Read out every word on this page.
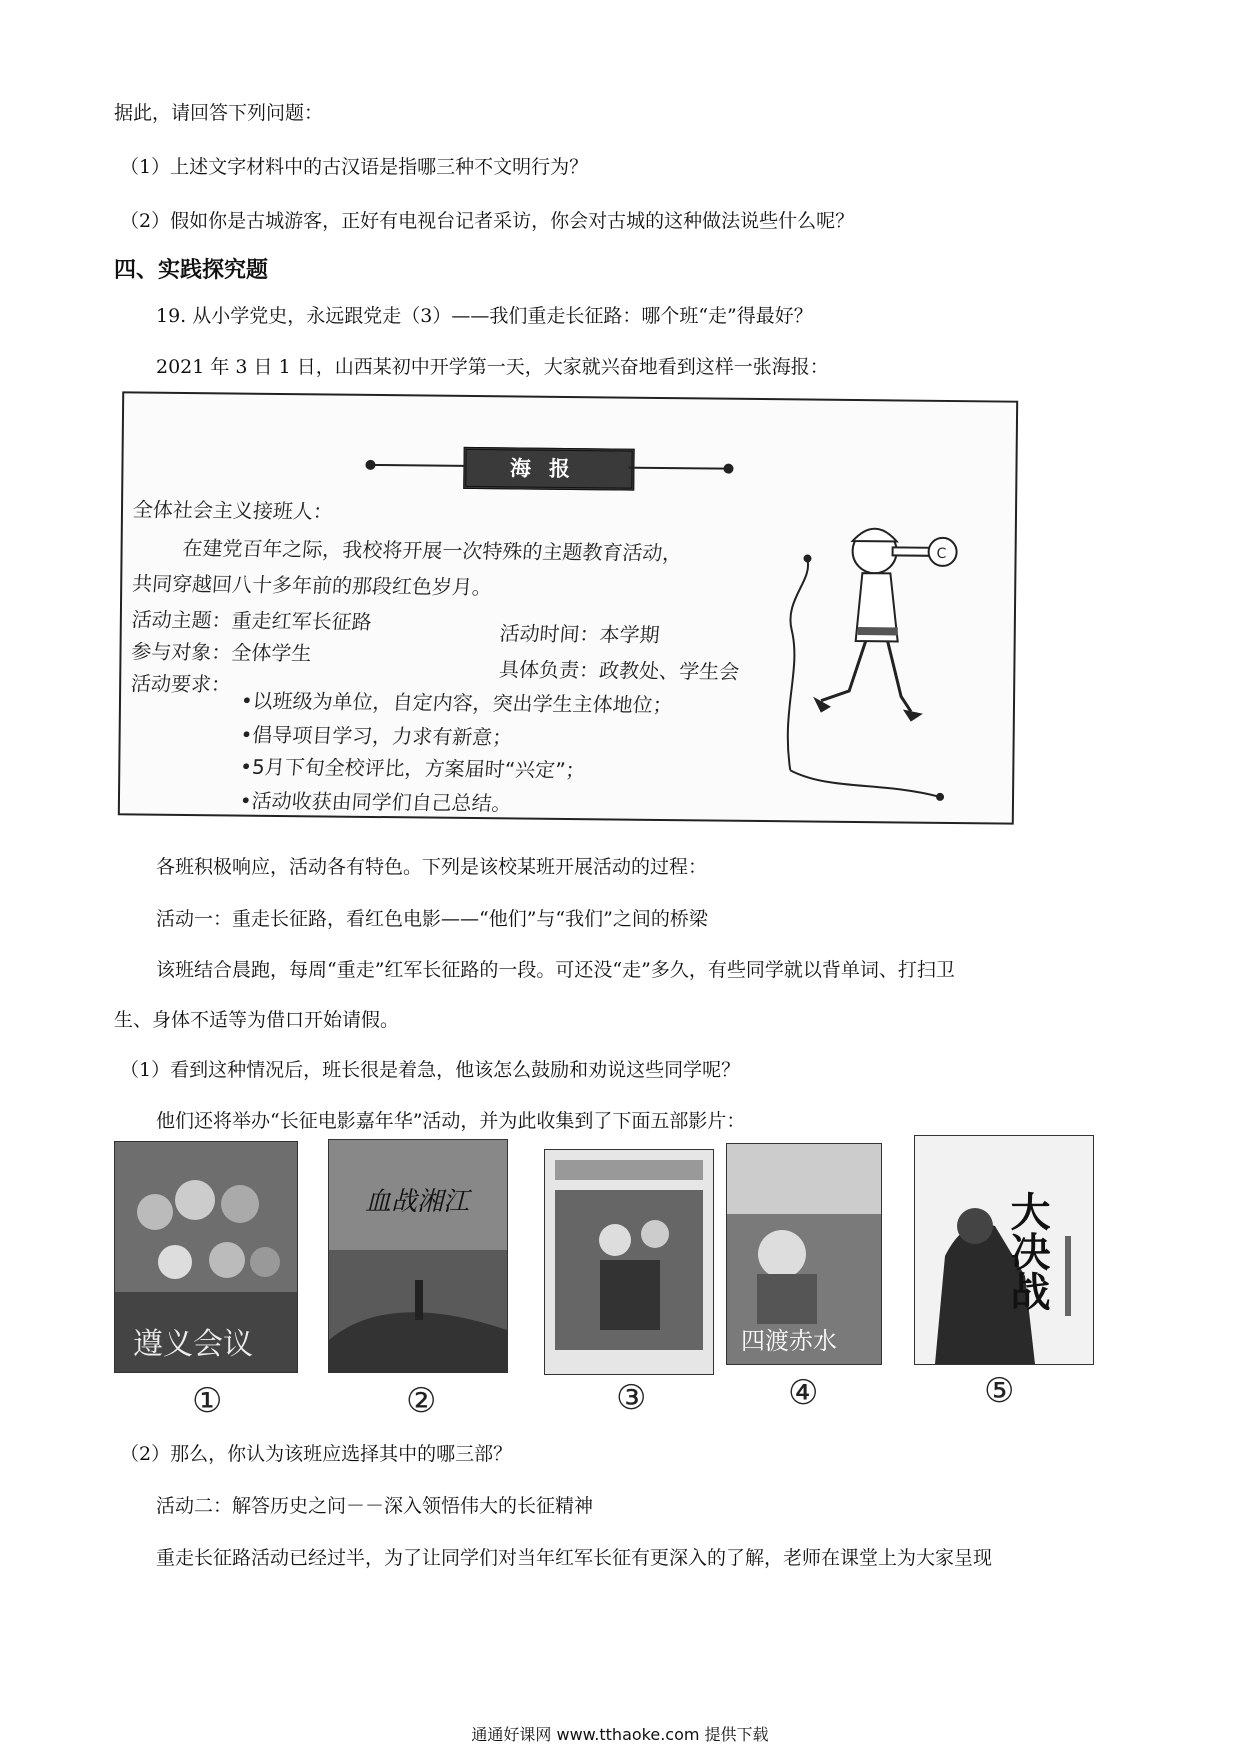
据此，请回答下列问题：
（1）上述文字材料中的古汉语是指哪三种不文明行为？
（2）假如你是古城游客，正好有电视台记者采访，你会对古城的这种做法说些什么呢？
四、实践探究题
19. 从小学党史，永远跟党走（3）——我们重走长征路：哪个班“走”得最好？
2021 年 3 日 1 日，山西某初中开学第一天，大家就兴奋地看到这样一张海报：
海报
全体社会主义接班人：
在建党百年之际，我校将开展一次特殊的主题教育活动，
共同穿越回八十多年前的那段红色岁月。
活动主题：重走红军长征路
活动时间：本学期
参与对象：全体学生
具体负责：政教处、学生会
活动要求：
•以班级为单位，自定内容，突出学生主体地位；
•倡导项目学习，力求有新意；
•5月下旬全校评比，方案届时“兴定”；
•活动收获由同学们自己总结。
C
各班积极响应，活动各有特色。下列是该校某班开展活动的过程：
活动一：重走长征路，看红色电影——“他们”与“我们”之间的桥梁
该班结合晨跑，每周“重走”红军长征路的一段。可还没“走”多久，有些同学就以背单词、打扫卫
生、身体不适等为借口开始请假。
（1）看到这种情况后，班长很是着急，他该怎么鼓励和劝说这些同学呢？
他们还将举办“长征电影嘉年华”活动，并为此收集到了下面五部影片：
遵义会议
①
血战湘江
②	③
四渡赤水
④
大决战
⑤
（2）那么，你认为该班应选择其中的哪三部？
活动二：解答历史之问－－深入领悟伟大的长征精神
重走长征路活动已经过半，为了让同学们对当年红军长征有更深入的了解，老师在课堂上为大家呈现
通通好课网 www.tthaoke.com 提供下载
